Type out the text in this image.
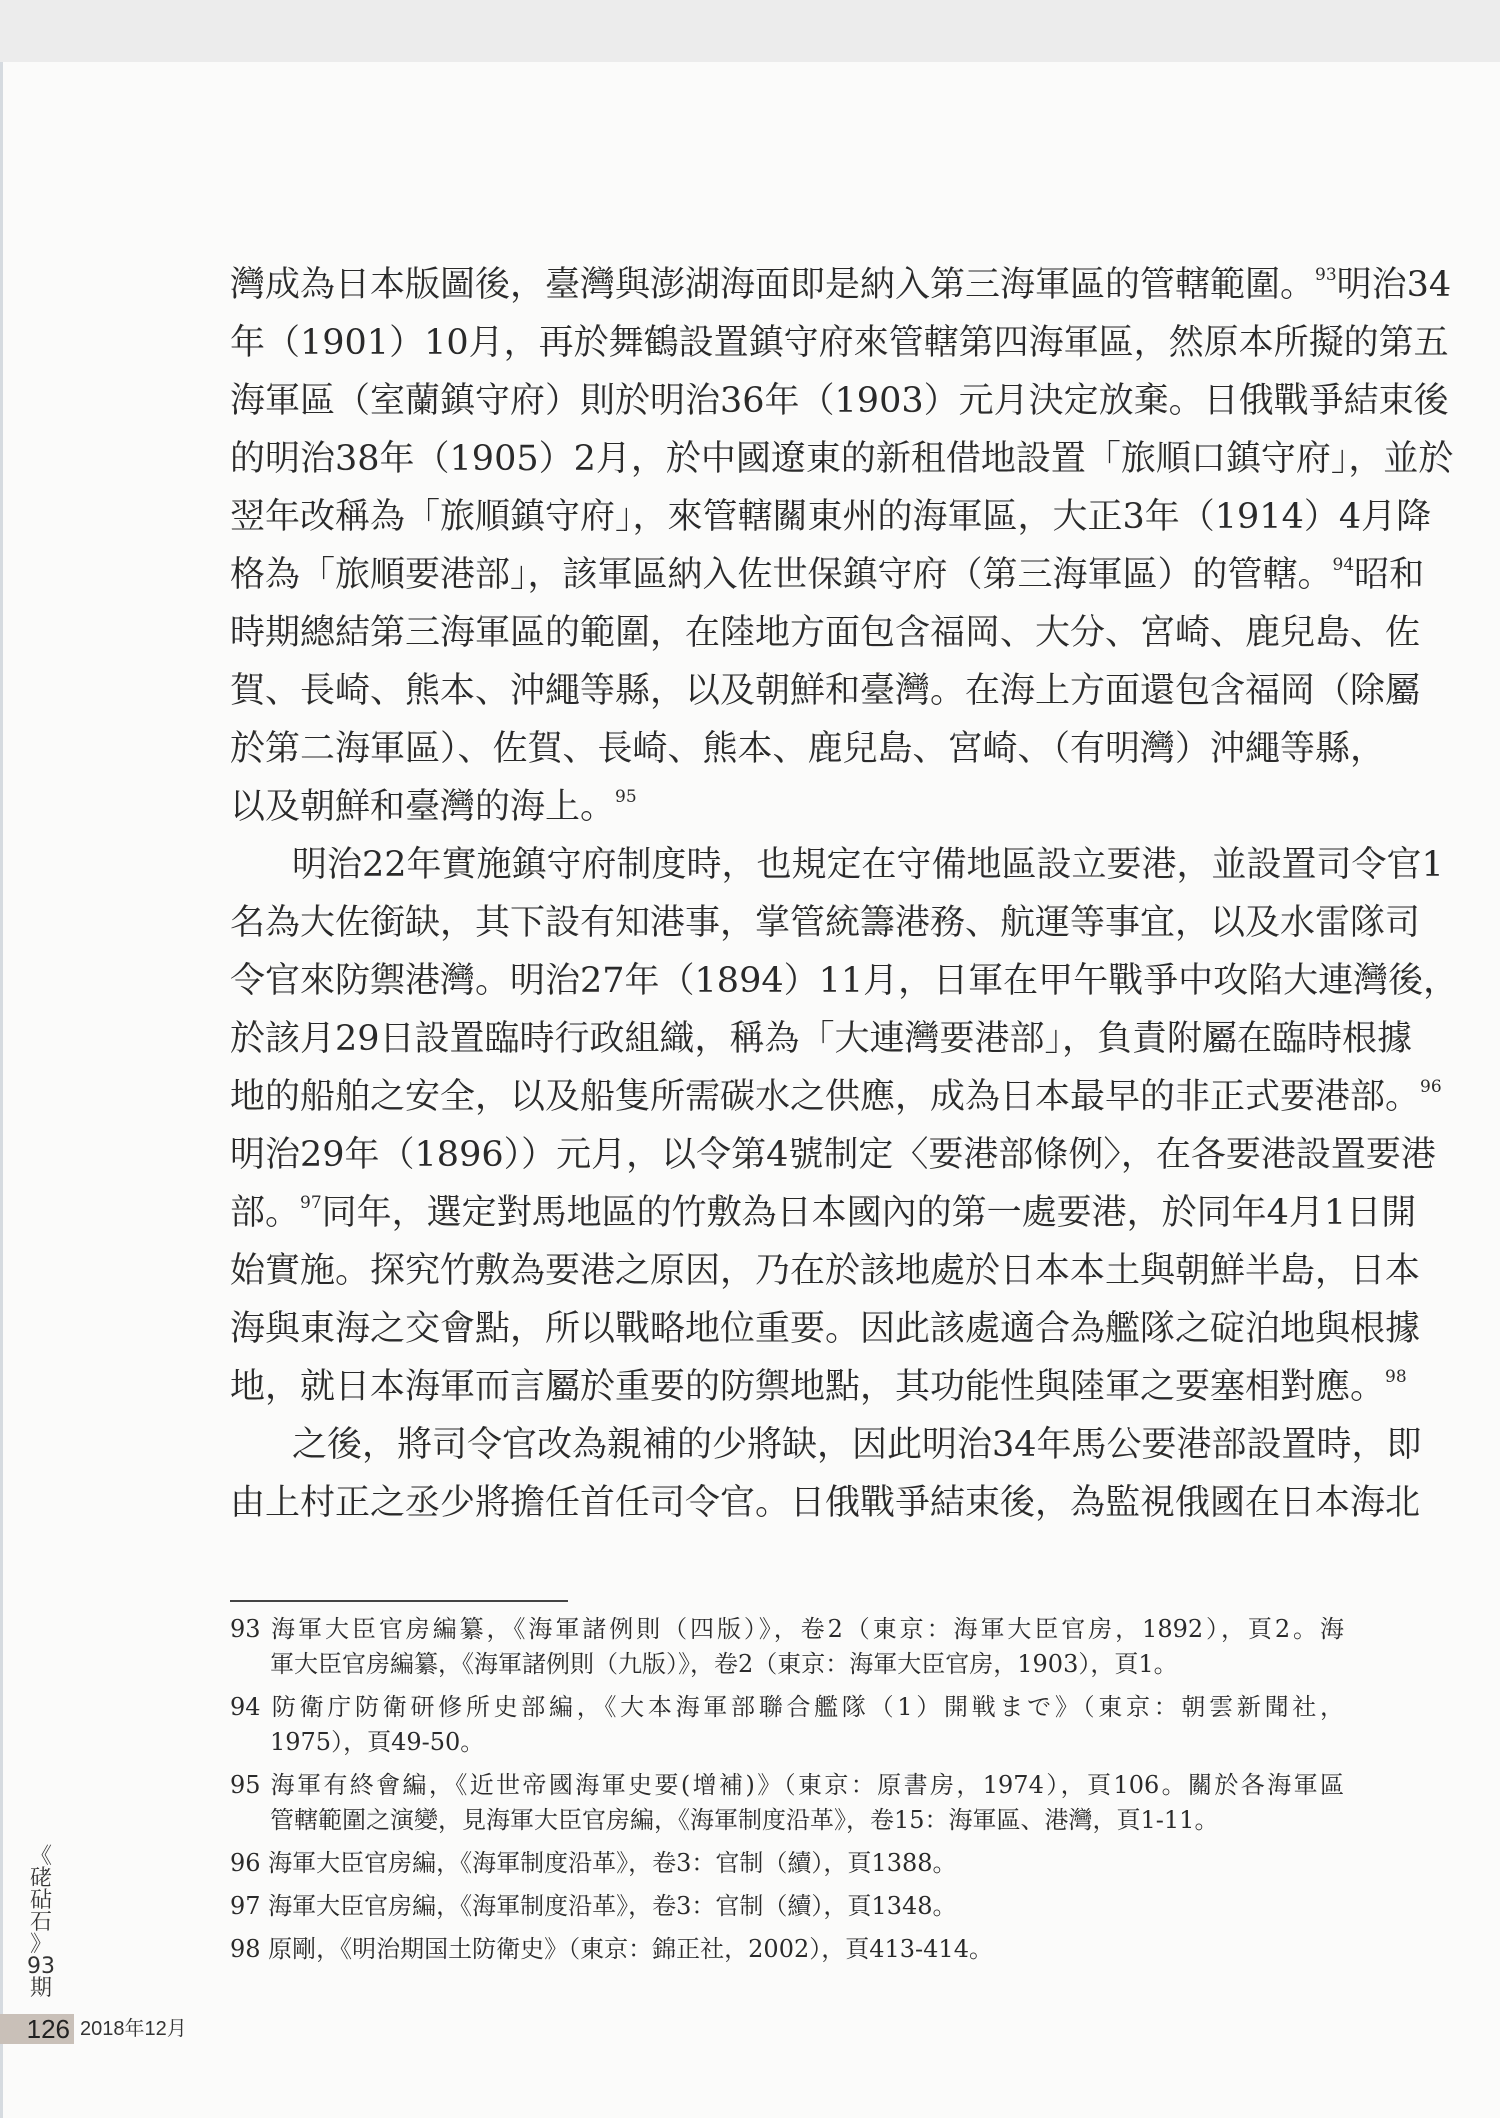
灣成為日本版圖後，臺灣與澎湖海面即是納入第三海軍區的管轄範圍。$^{93}$明治34
年（1901）10月，再於舞鶴設置鎮守府來管轄第四海軍區，然原本所擬的第五
海軍區（室蘭鎮守府）則於明治36年（1903）元月決定放棄。日俄戰爭結束後
的明治38年（1905）2月，於中國遼東的新租借地設置「旅順口鎮守府」，並於
翌年改稱為「旅順鎮守府」，來管轄關東州的海軍區，大正3年（1914）4月降
格為「旅順要港部」，該軍區納入佐世保鎮守府（第三海軍區）的管轄。$^{94}$昭和
時期總結第三海軍區的範圍，在陸地方面包含福岡、大分、宮崎、鹿兒島、佐
賀、長崎、熊本、沖繩等縣，以及朝鮮和臺灣。在海上方面還包含福岡（除屬
於第二海軍區）、佐賀、長崎、熊本、鹿兒島、宮崎、（有明灣）沖繩等縣，
以及朝鮮和臺灣的海上。$^{95}$
明治22年實施鎮守府制度時，也規定在守備地區設立要港，並設置司令官1
名為大佐銜缺，其下設有知港事，掌管統籌港務、航運等事宜，以及水雷隊司
令官來防禦港灣。明治27年（1894）11月，日軍在甲午戰爭中攻陷大連灣後，
於該月29日設置臨時行政組織，稱為「大連灣要港部」，負責附屬在臨時根據
地的船舶之安全，以及船隻所需碳水之供應，成為日本最早的非正式要港部。$^{96}$
明治29年（1896））元月，以令第4號制定〈要港部條例〉，在各要港設置要港
部。$^{97}$同年，選定對馬地區的竹敷為日本國內的第一處要港，於同年4月1日開
始實施。探究竹敷為要港之原因，乃在於該地處於日本本土與朝鮮半島，日本
海與東海之交會點，所以戰略地位重要。因此該處適合為艦隊之碇泊地與根據
地，就日本海軍而言屬於重要的防禦地點，其功能性與陸軍之要塞相對應。$^{98}$
之後，將司令官改為親補的少將缺，因此明治34年馬公要港部設置時，即
由上村正之丞少將擔任首任司令官。日俄戰爭結束後，為監視俄國在日本海北
93 海軍大臣官房編纂，《海軍諸例則（四版）》，卷2（東京：海軍大臣官房，1892），頁2。海
軍大臣官房編纂，《海軍諸例則（九版）》，卷2（東京：海軍大臣官房，1903），頁1。
94 防衛庁防衛研修所史部編，《大本海軍部聯合艦隊（1）開戦まで》（東京：朝雲新聞社，
1975），頁49-50。
95 海軍有終會編，《近世帝國海軍史要(增補)》（東京：原書房，1974），頁106。關於各海軍區
管轄範圍之演變，見海軍大臣官房編，《海軍制度沿革》，卷15：海軍區、港灣，頁1-11。
96 海軍大臣官房編，《海軍制度沿革》，卷3：官制（續），頁1388。
97 海軍大臣官房編，《海軍制度沿革》，卷3：官制（續），頁1348。
98 原剛，《明治期国土防衛史》（東京：錦正社，2002），頁413-414。
《
硓
砧
石
》
93
期
126 2018年12月
